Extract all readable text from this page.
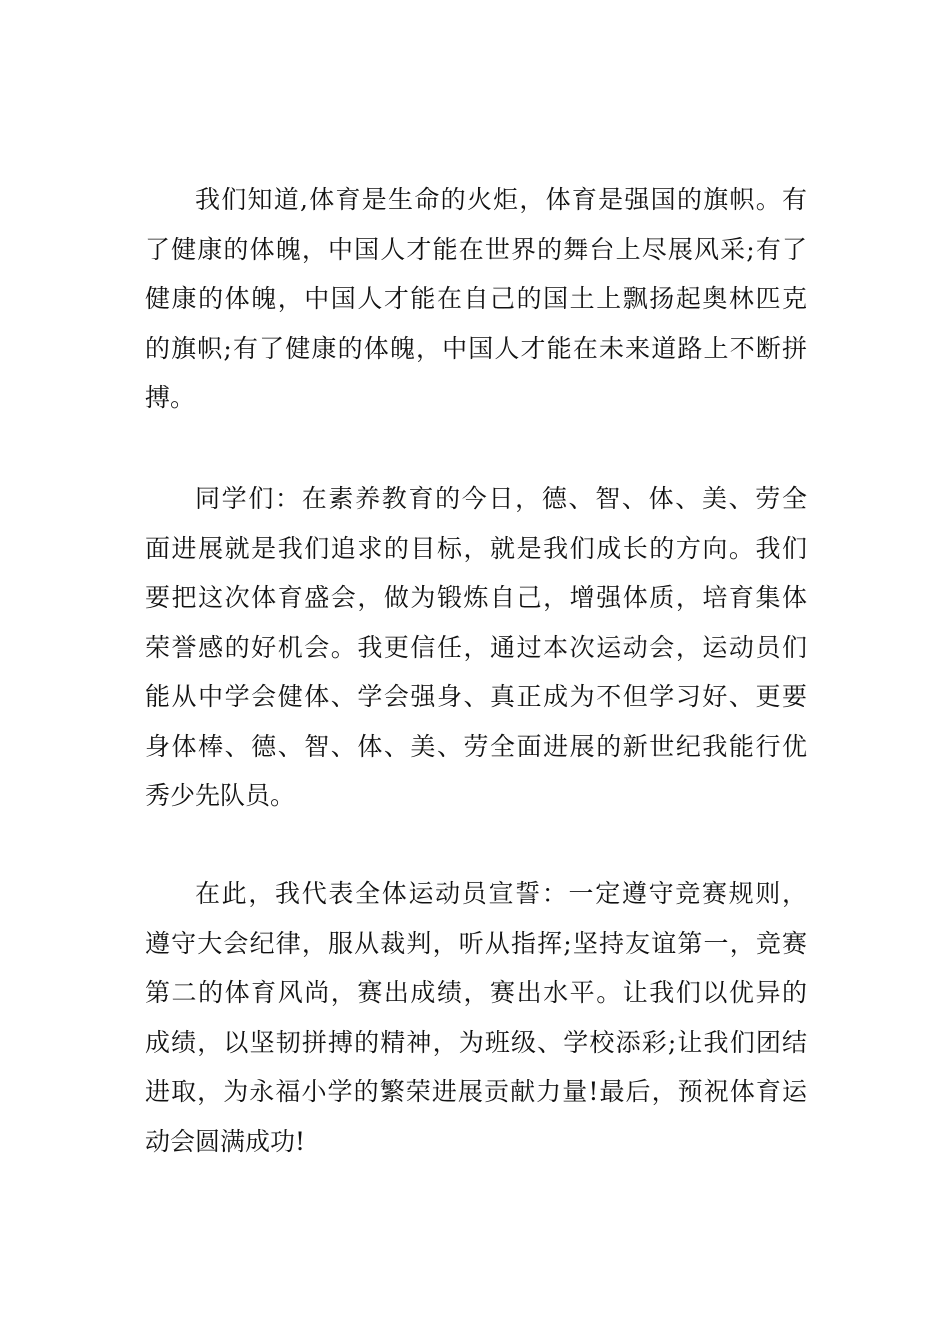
我们知道,体育是生命的火炬，体育是强国的旗帜。有
了健康的体魄，中国人才能在世界的舞台上尽展风采;有了
健康的体魄，中国人才能在自己的国土上飘扬起奥林匹克
的旗帜;有了健康的体魄，中国人才能在未来道路上不断拼
搏。
同学们：在素养教育的今日，德、智、体、美、劳全
面进展就是我们追求的目标，就是我们成长的方向。我们
要把这次体育盛会，做为锻炼自己，增强体质，培育集体
荣誉感的好机会。我更信任，通过本次运动会，运动员们
能从中学会健体、学会强身、真正成为不但学习好、更要
身体棒、德、智、体、美、劳全面进展的新世纪我能行优
秀少先队员。
在此，我代表全体运动员宣誓：一定遵守竞赛规则，
遵守大会纪律，服从裁判，听从指挥;坚持友谊第一，竞赛
第二的体育风尚，赛出成绩，赛出水平。让我们以优异的
成绩，以坚韧拼搏的精神，为班级、学校添彩;让我们团结
进取，为永福小学的繁荣进展贡献力量!最后，预祝体育运
动会圆满成功!
